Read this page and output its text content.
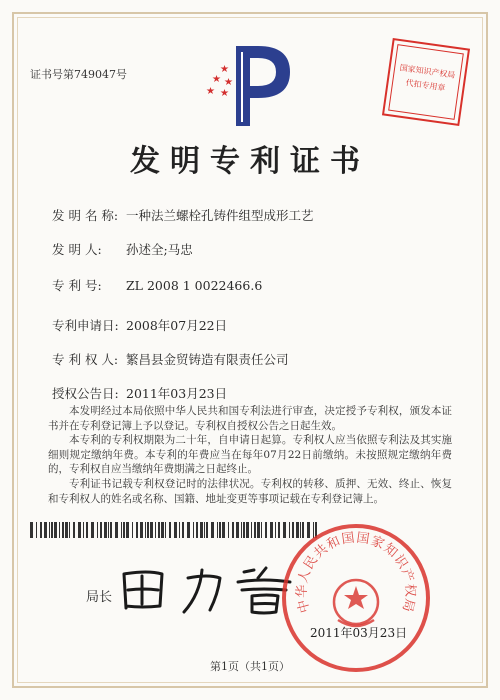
证书号第749047号	国家知识产权局
代扣专用章
发明专利证书
发 明 名 称: 一种法兰螺栓孔铸件组型成形工艺
发 明 人: 孙述全;马忠
专 利 号: ZL 2008 1 0022466.6
专利申请日: 2008年07月22日
专 利 权 人: 繁昌县金贸铸造有限责任公司
授权公告日: 2011年03月23日

本发明经过本局依照中华人民共和国专利法进行审查，决定授予专利权，颁发本证书并在专利登记簿上予以登记。专利权自授权公告之日起生效。

本专利的专利权期限为二十年，自申请日起算。专利权人应当依照专利法及其实施细则规定缴纳年费。本专利的年费应当在每年07月22日前缴纳。未按照规定缴纳年费的，专利权自应当缴纳年费期满之日起终止。

专利证书记载专利权登记时的法律状况。专利权的转移、质押、无效、终止、恢复和专利权人的姓名或名称、国籍、地址变更等事项记载在专利登记簿上。

局长	中华人民共和国国家知识产权局
2011年03月23日
第1页（共1页）
